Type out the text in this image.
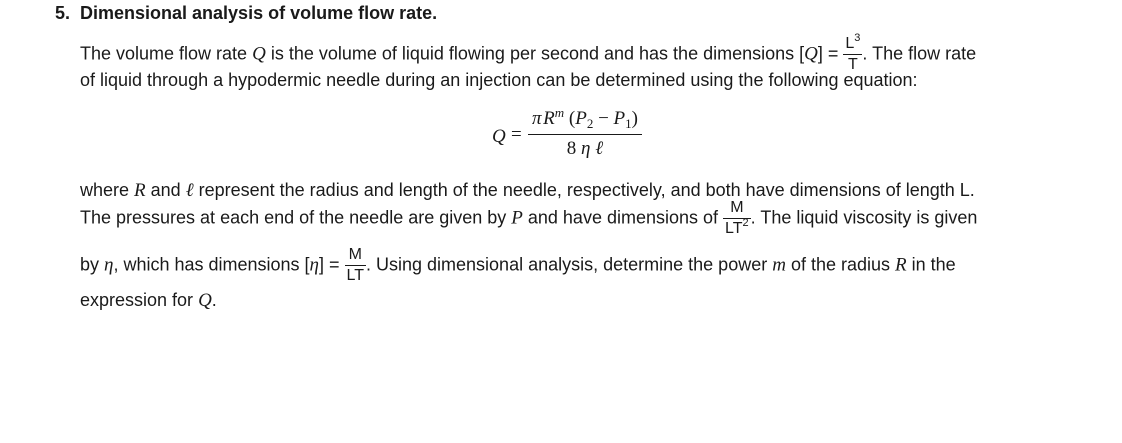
5. Dimensional analysis of volume flow rate.
The volume flow rate Q is the volume of liquid flowing per second and has the dimensions $[Q] = \frac{L^3}{T}$ . The flow rate
of liquid through a hypodermic needle during an injection can be determined using the following equation:
Q =
π $R^m$ $(P_2 - P_1)$
8 η ℓ
where R and ℓ represent the radius and length of the needle, respectively, and both have dimensions of length L.
The pressures at each end of the needle are given by P and have dimensions of $\frac{M}{LT^2}$ . The liquid viscosity is given
by η, which has dimensions $[\eta] = \frac{M}{LT}$ . Using dimensional analysis, determine the power m of the radius R in the
expression for Q.
